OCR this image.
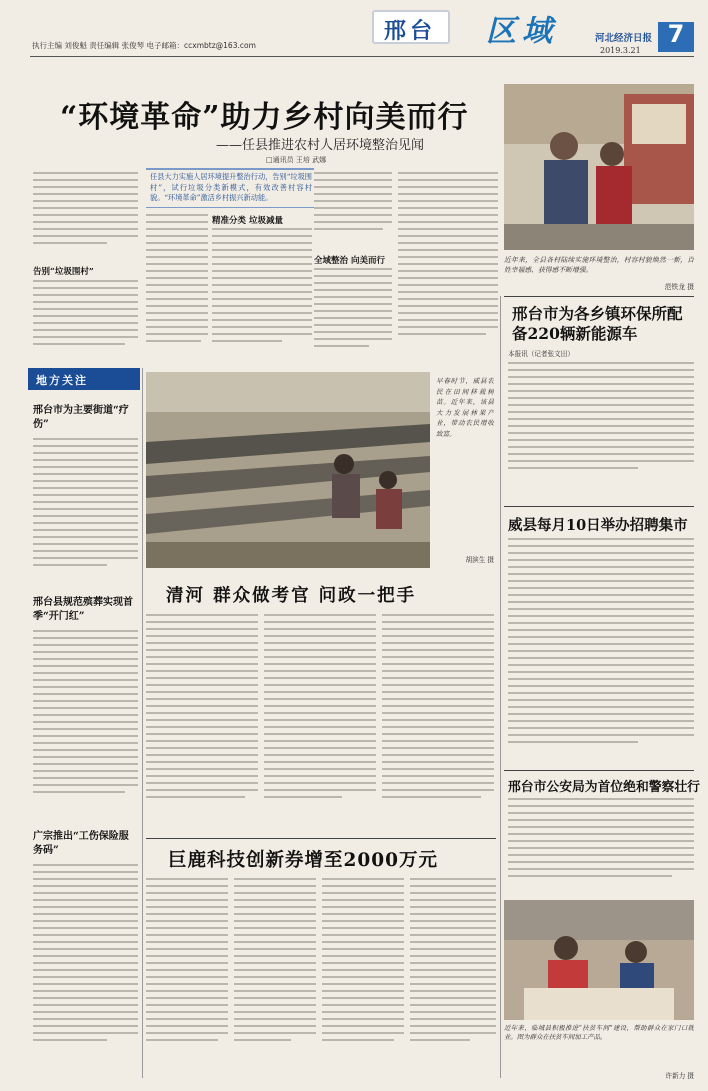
执行主编 刘俊魁 责任编辑 张俊琴 电子邮箱：ccxmbtz@163.com
邢台 区域	河北经济日报
2019.3.21
7
“环境革命”助力乡村向美而行
——任县推进农村人居环境整治见闻
□通讯员 王培 武娜
告别“垃圾围村”
任县大力实施人居环境提升整治行动，告别“垃圾围村”，试行垃圾分类新模式，有效改善村容村貌。“环境革命”激活乡村振兴新动能。
精准分类 垃圾减量
全域整治 向美而行	近年来，全县各村陆续实施环境整治，村容村貌焕然一新，百姓幸福感、获得感不断增强。
范铁龙 摄
邢台市为各乡镇环保所配备220辆新能源车
本报讯（记者张文田）
威县每月10日举办招聘集市
邢台市公安局为首位绝和警察壮行
近年来，临城县积极推进“扶贫车间”建设，帮助群众在家门口就业。图为群众在扶贫车间加工产品。
许新力 摄
地方关注
邢台市为主要街道“疗伤”
邢台县规范殡葬实现首季“开门红”
广宗推出“工伤保险服务码”
早春时节，威县农民在田间移栽树苗。近年来，该县大力发展林果产业，带动农民增收致富。
胡滨生 摄
清河 群众做考官 问政一把手
巨鹿科技创新券增至2000万元
